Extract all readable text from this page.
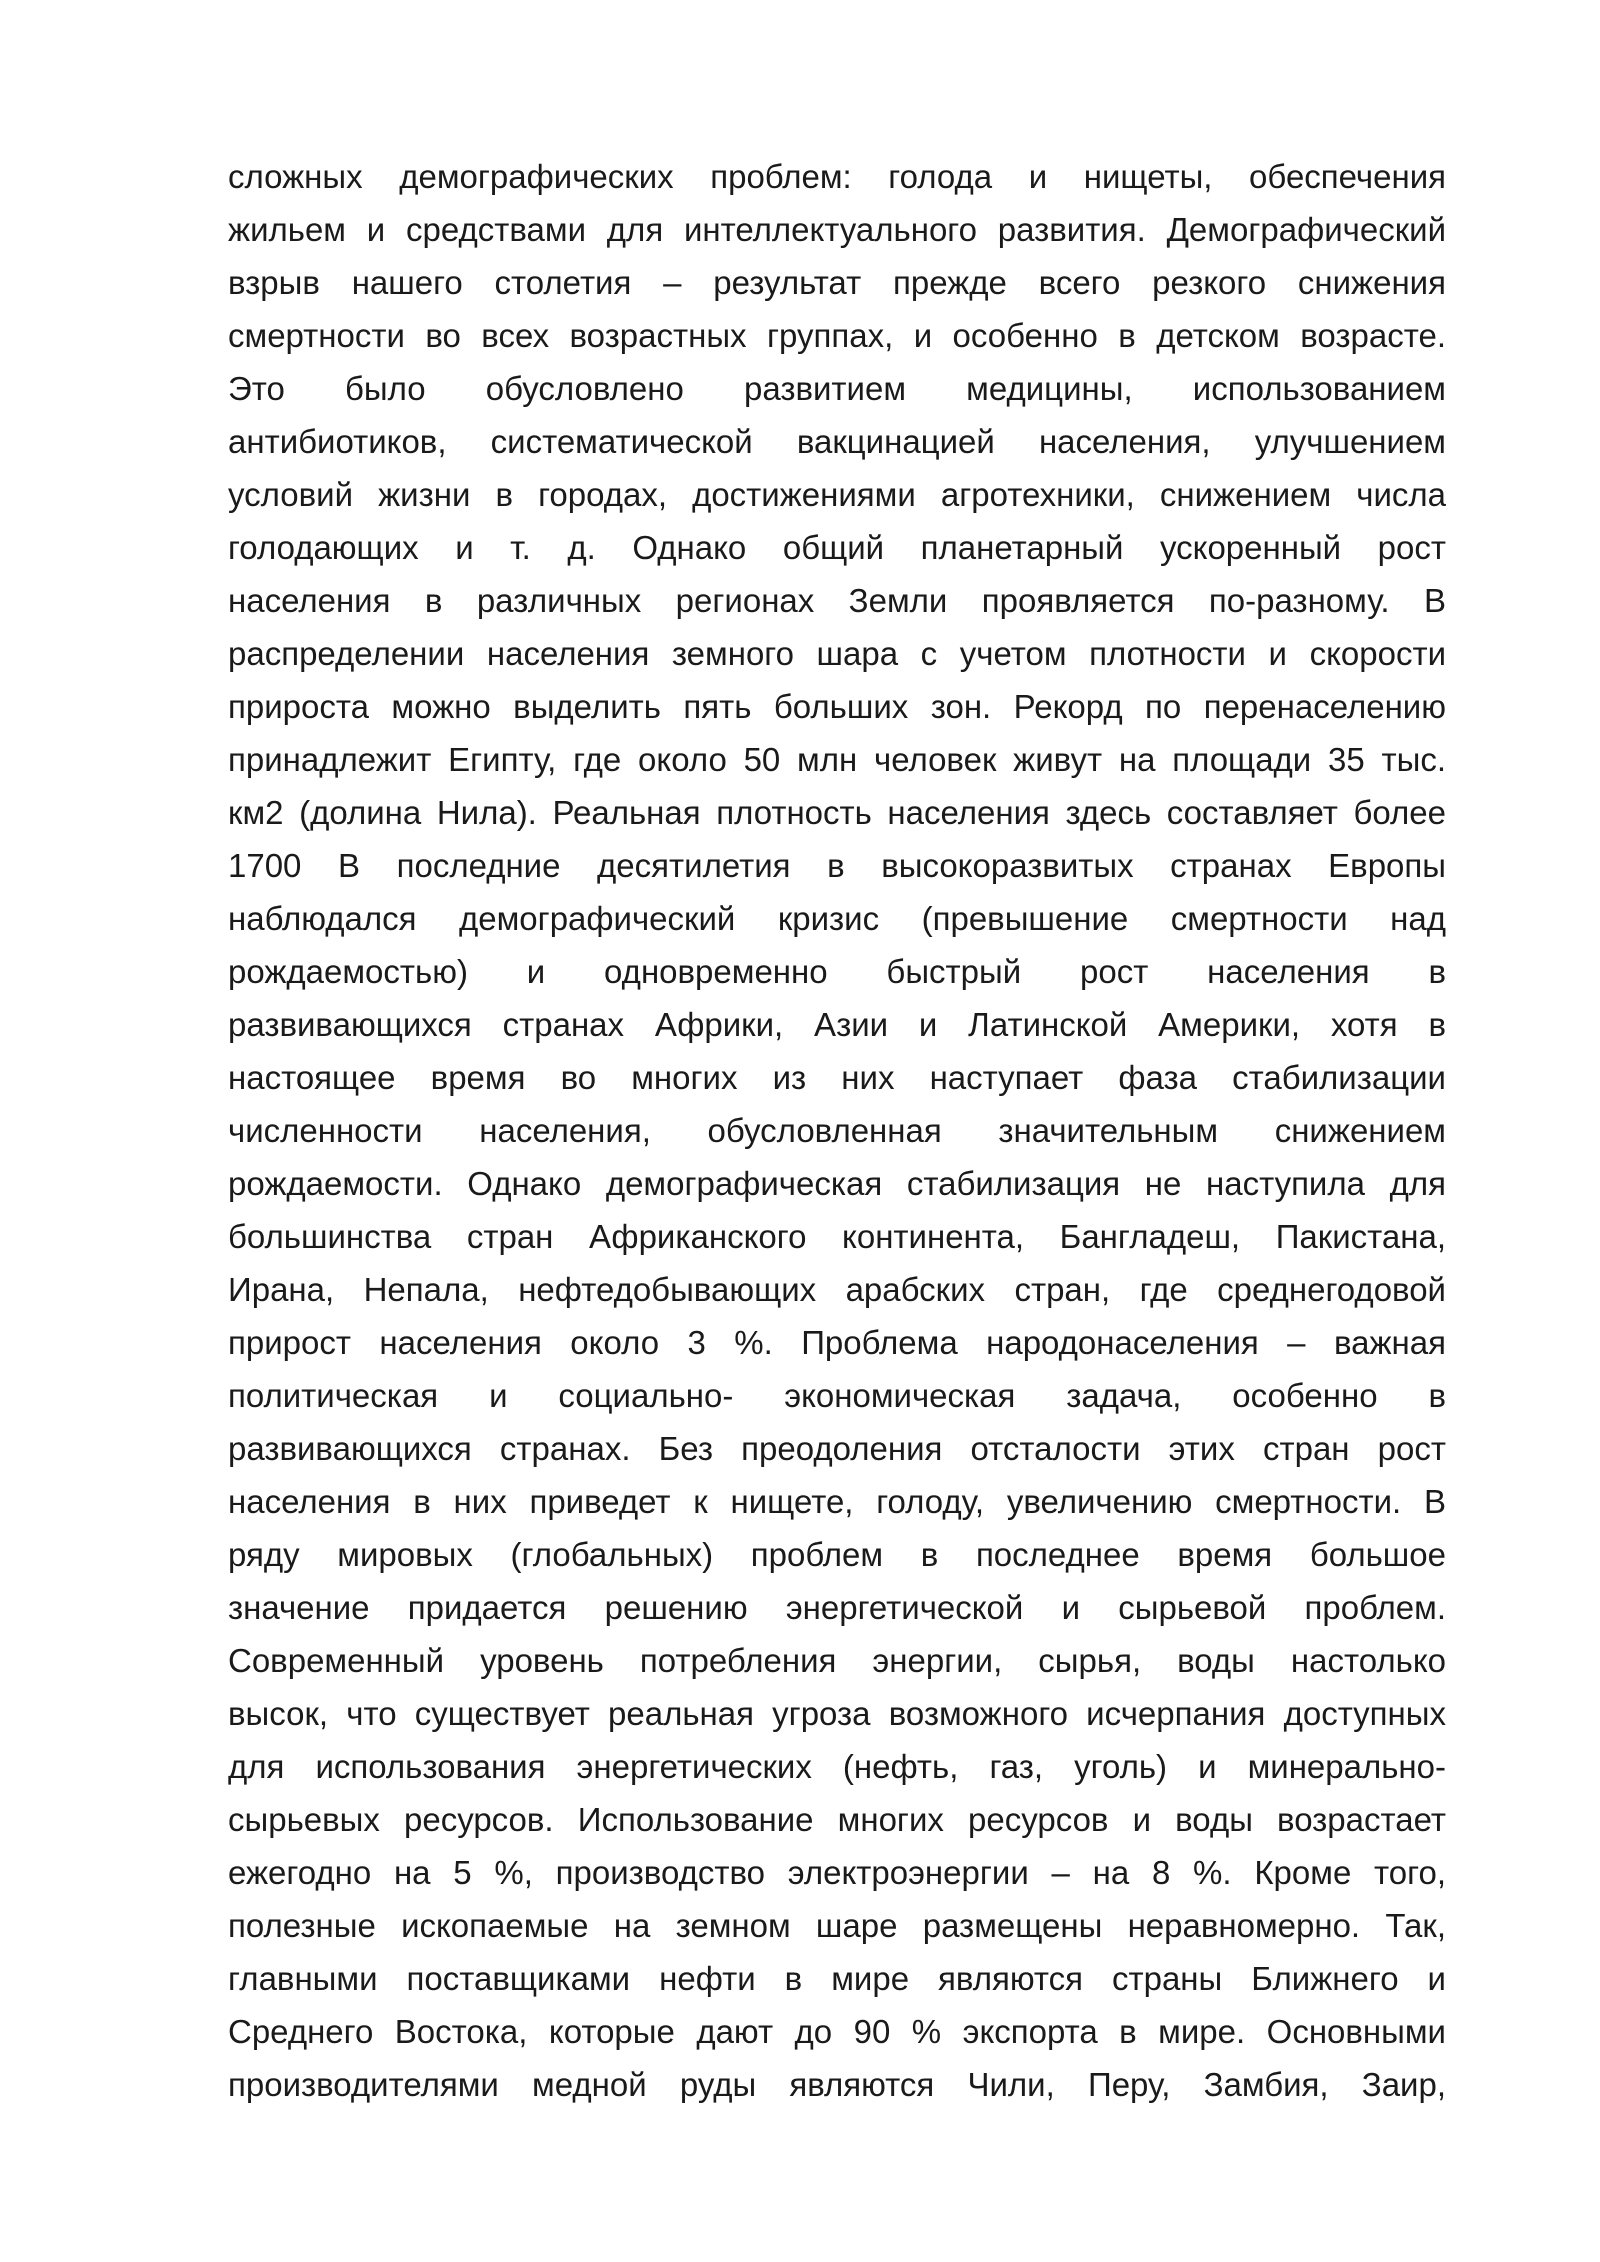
сложных демографических проблем: голода и нищеты, обеспечения
жильем и средствами для интеллектуального развития. Демографический
взрыв нашего столетия – результат прежде всего резкого снижения
смертности во всех возрастных группах, и особенно в детском возрасте.
Это было обусловлено развитием медицины, использованием
антибиотиков, систематической вакцинацией населения, улучшением
условий жизни в городах, достижениями агротехники, снижением числа
голодающих и т. д. Однако общий планетарный ускоренный рост
населения в различных регионах Земли проявляется по-разному. В
распределении населения земного шара с учетом плотности и скорости
прироста можно выделить пять больших зон. Рекорд по перенаселению
принадлежит Египту, где около 50 млн человек живут на площади 35 тыс.
км2 (долина Нила). Реальная плотность населения здесь составляет более
1700 В последние десятилетия в высокоразвитых странах Европы
наблюдался демографический кризис (превышение смертности над
рождаемостью) и одновременно быстрый рост населения в
развивающихся странах Африки, Азии и Латинской Америки, хотя в
настоящее время во многих из них наступает фаза стабилизации
численности населения, обусловленная значительным снижением
рождаемости. Однако демографическая стабилизация не наступила для
большинства стран Африканского континента, Бангладеш, Пакистана,
Ирана, Непала, нефтедобывающих арабских стран, где среднегодовой
прирост населения около 3 %. Проблема народонаселения – важная
политическая и социально- экономическая задача, особенно в
развивающихся странах. Без преодоления отсталости этих стран рост
населения в них приведет к нищете, голоду, увеличению смертности. В
ряду мировых (глобальных) проблем в последнее время большое
значение придается решению энергетической и сырьевой проблем.
Современный уровень потребления энергии, сырья, воды настолько
высок, что существует реальная угроза возможного исчерпания доступных
для использования энергетических (нефть, газ, уголь) и минерально-
сырьевых ресурсов. Использование многих ресурсов и воды возрастает
ежегодно на 5 %, производство электроэнергии – на 8 %. Кроме того,
полезные ископаемые на земном шаре размещены неравномерно. Так,
главными поставщиками нефти в мире являются страны Ближнего и
Среднего Востока, которые дают до 90 % экспорта в мире. Основными
производителями медной руды являются Чили, Перу, Замбия, Заир,
